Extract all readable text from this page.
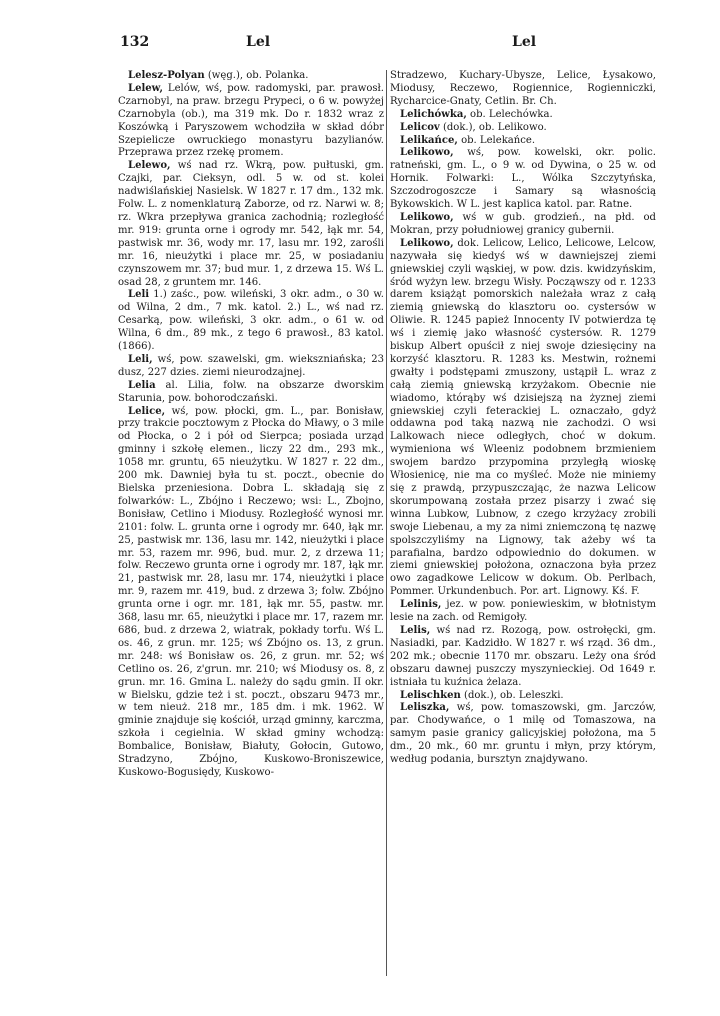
132	Lel	Lel

Lelesz-Polyan (węg.), ob. Polanka.

Lelew, Lelów, wś, pow. radomyski, par. prawosł. Czarnobyl, na praw. brzegu Prypeci, o 6 w. powyżej Czarnobyla (ob.), ma 319 mk. Do r. 1832 wraz z Koszówką i Paryszowem wchodziła w skład dóbr Szepielicze owruckiego monastyru bazylianów. Przeprawa przez rzekę promem.

Lelewo, wś nad rz. Wkrą, pow. pułtuski, gm. Czajki, par. Cieksyn, odl. 5 w. od st. kolei nadwiślańskiej Nasielsk. W 1827 r. 17 dm., 132 mk. Folw. L. z nomenklaturą Zaborze, od rz. Narwi w. 8; rz. Wkra przepływa granica zachodnią; rozległość mr. 919: grunta orne i ogrody mr. 542, łąk mr. 54, pastwisk mr. 36, wody mr. 17, lasu mr. 192, zarośli mr. 16, nieużytki i place mr. 25, w posiadaniu czynszowem mr. 37; bud mur. 1, z drzewa 15. Wś L. osad 28, z gruntem mr. 146.

Leli 1.) zaśc., pow. wileński, 3 okr. adm., o 30 w. od Wilna, 2 dm., 7 mk. katol. 2.) L., wś nad rz. Cesarką, pow. wileński, 3 okr. adm., o 61 w. od Wilna, 6 dm., 89 mk., z tego 6 prawosł., 83 katol. (1866).

Leli, wś, pow. szawelski, gm. wiekszniańska; 23 dusz, 227 dzies. ziemi nieurodzajnej.

Lelia al. Lilia, folw. na obszarze dworskim Starunia, pow. bohorodczański.

Lelice, wś, pow. płocki, gm. L., par. Bonisław, przy trakcie pocztowym z Płocka do Mławy, o 3 mile od Płocka, o 2 i pół od Sierpca; posiada urząd gminny i szkołę elemen., liczy 22 dm., 293 mk., 1058 mr. gruntu, 65 nieużytku. W 1827 r. 22 dm., 200 mk. Dawniej była tu st. poczt., obecnie do Bielska przeniesiona. Dobra L. składają się z folwarków: L., Zbójno i Reczewo; wsi: L., Zbojno, Bonisław, Cetlino i Miodusy. Rozległość wynosi mr. 2101: folw. L. grunta orne i ogrody mr. 640, łąk mr. 25, pastwisk mr. 136, lasu mr. 142, nieużytki i place mr. 53, razem mr. 996, bud. mur. 2, z drzewa 11; folw. Reczewo grunta orne i ogrody mr. 187, łąk mr. 21, pastwisk mr. 28, lasu mr. 174, nieużytki i place mr. 9, razem mr. 419, bud. z drzewa 3; folw. Zbójno grunta orne i ogr. mr. 181, łąk mr. 55, pastw. mr. 368, lasu mr. 65, nieużytki i place mr. 17, razem mr. 686, bud. z drzewa 2, wiatrak, pokłady torfu. Wś L. os. 46, z grun. mr. 125; wś Zbójno os. 13, z grun. mr. 248: wś Bonisław os. 26, z grun. mr. 52; wś Cetlino os. 26, z'grun. mr. 210; wś Miodusy os. 8, z grun. mr. 16. Gmina L. należy do sądu gmin. II okr. w Bielsku, gdzie też i st. poczt., obszaru 9473 mr., w tem nieuż. 218 mr., 185 dm. i mk. 1962. W gminie znajduje się kościół, urząd gminny, karczma, szkoła i cegielnia. W skład gminy wchodzą: Bombalice, Bonisław, Białuty, Gołocin, Gutowo, Stradzyno, Zbójno, Kuskowo-Broniszewice, Kuskowo-Bogusiędy, Kuskowo-

Stradzewo, Kuchary-Ubysze, Lelice, Łysakowo, Miodusy, Reczewo, Rogiennice, Rogienniczki, Rycharcice-Gnaty, Cetlin. Br. Ch.

Lelichówka, ob. Lelechówka.

Lelicov (dok.), ob. Lelikowo.

Lelikańce, ob. Lelekańce.

Lelikowo, wś, pow. kowelski, okr. polic. ratneński, gm. L., o 9 w. od Dywina, o 25 w. od Hornik. Folwarki: L., Wólka Szczytyńska, Szczodrogoszcze i Samary są własnością Bykowskich. W L. jest kaplica katol. par. Ratne.

Lelikowo, wś w gub. grodzień., na płd. od Mokran, przy południowej granicy gubernii.

Lelikowo, dok. Lelicow, Lelico, Lelicowe, Lelcow, nazywała się kiedyś wś w dawniejszej ziemi gniewskiej czyli wąskiej, w pow. dzis. kwidzyńskim, śród wyżyn lew. brzegu Wisły. Począwszy od r. 1233 darem książąt pomorskich należała wraz z całą ziemią gniewską do klasztoru oo. cystersów w Oliwie. R. 1245 papież Innocenty IV potwierdza tę wś i ziemię jako własność cystersów. R. 1279 biskup Albert opuścił z niej swoje dziesięciny na korzyść klasztoru. R. 1283 ks. Mestwin, rożnemi gwałty i podstępami zmuszony, ustąpił L. wraz z całą ziemią gniewską krzyżakom. Obecnie nie wiadomo, którąby wś dzisiejszą na żyznej ziemi gniewskiej czyli feterackiej L. oznaczało, gdyż oddawna pod taką nazwą nie zachodzi. O wsi Lalkowach niece odległych, choć w dokum. wymieniona wś Wleeniz podobnem brzmieniem swojem bardzo przypomina przyległą wioskę Włosienicę, nie ma co myśleć. Może nie miniemy się z prawdą, przypuszczając, że nazwa Lelicow skorumpowaną została przez pisarzy i zwać się winna Lubkow, Lubnow, z czego krzyżacy zrobili swoje Liebenau, a my za nimi zniemczoną tę nazwę spolszczyliśmy na Lignowy, tak ażeby wś ta parafialna, bardzo odpowiednio do dokumen. w ziemi gniewskiej położona, oznaczona była przez owo zagadkowe Lelicow w dokum. Ob. Perlbach, Pommer. Urkundenbuch. Por. art. Lignowy. Kś. F.

Lelinis, jez. w pow. poniewieskim, w błotnistym lesie na zach. od Remigoły.

Lelis, wś nad rz. Rozogą, pow. ostrołęcki, gm. Nasiadki, par. Kadzidło. W 1827 r. wś rząd. 36 dm., 202 mk.; obecnie 1170 mr. obszaru. Leży ona śród obszaru dawnej puszczy myszynieckiej. Od 1649 r. istniała tu kuźnica żelaza.

Lelischken (dok.), ob. Leleszki.

Leliszka, wś, pow. tomaszowski, gm. Jarczów, par. Chodywańce, o 1 milę od Tomaszowa, na samym pasie granicy galicyjskiej położona, ma 5 dm., 20 mk., 60 mr. gruntu i młyn, przy którym, według podania, bursztyn znajdywano.
